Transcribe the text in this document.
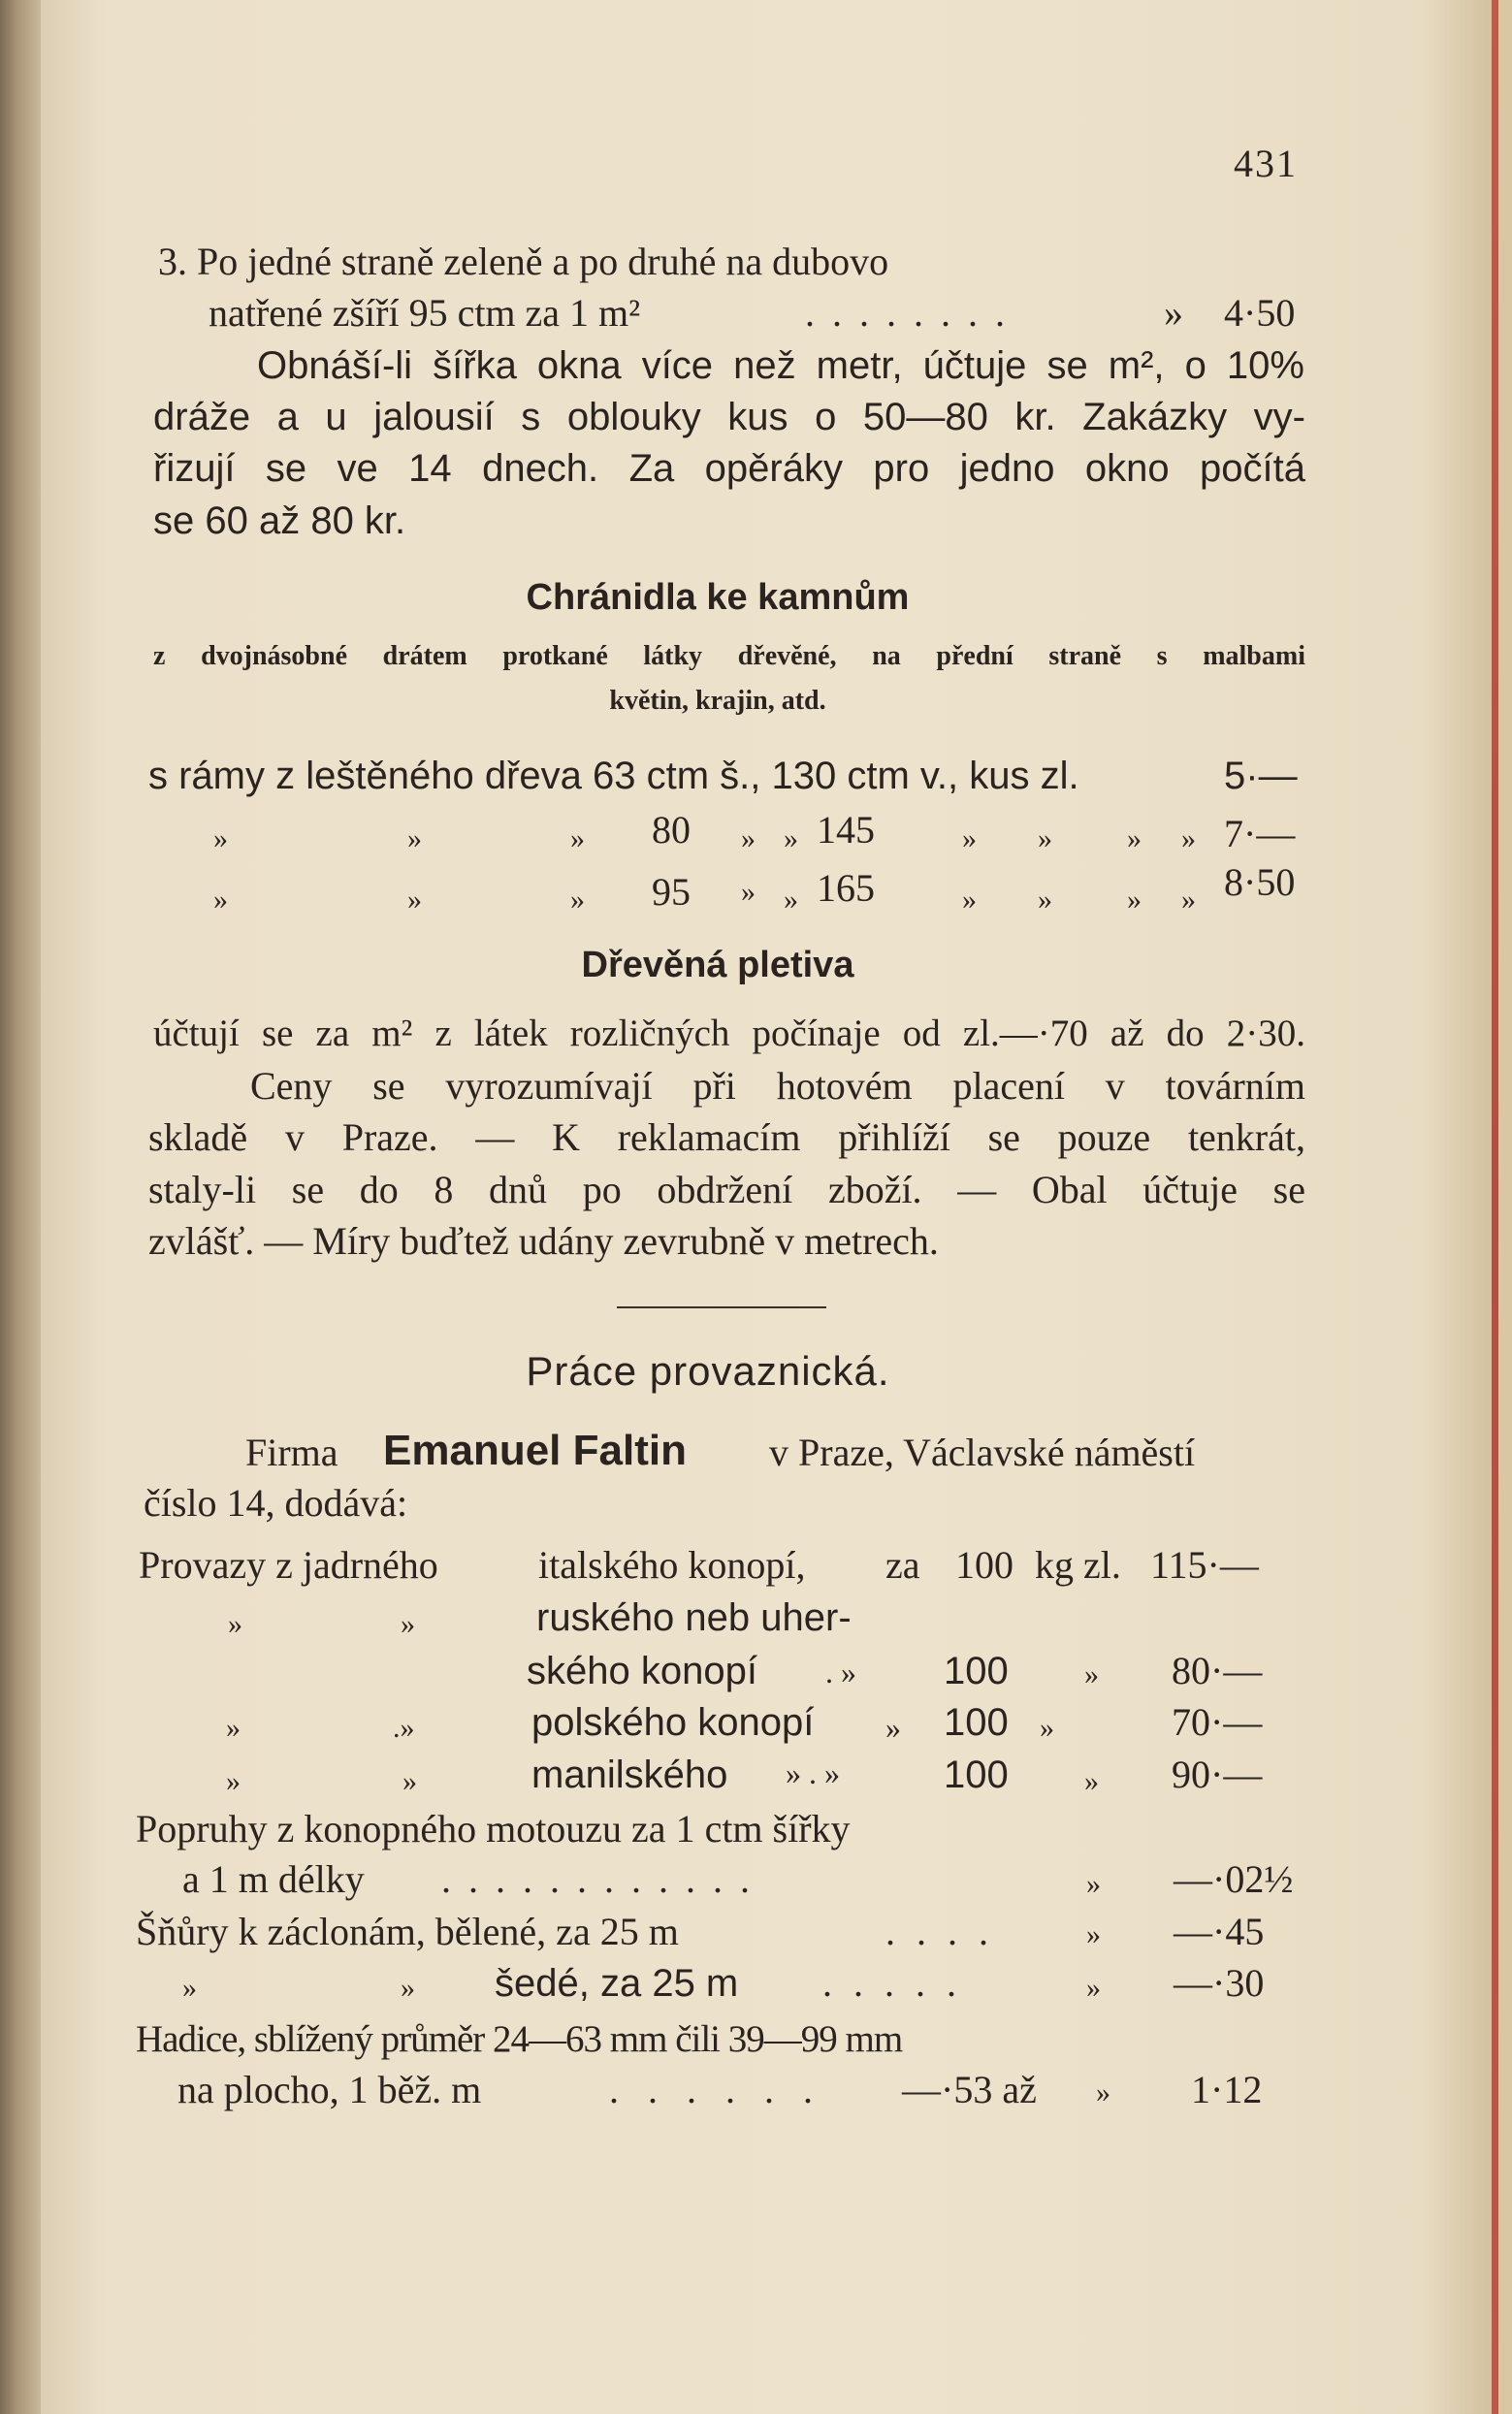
431
3. Po jedné straně zeleně a po druhé na dubovo
natřené zšíří 95 ctm za 1 m²	. . . . . . . .	» 4·50
Obnáší-li šířka okna více než metr, účtuje se m², o 10%
dráže a u jalousií s oblouky kus o 50—80 kr. Zakázky vy-
řizují se ve 14 dnech. Za opěráky pro jedno okno počítá
se 60 až 80 kr.
Chránidla ke kamnům
z dvojnásobné drátem protkané látky dřevěné, na přední straně s malbami
květin, krajin, atd.
s rámy z leštěného dřeva 63 ctm š., 130 ctm v., kus zl.	5·—
»	»	» 80 » » 145	» »	» » 7·—
»	»	» 95 » » 165	» »	» » 8·50
Dřevěná pletiva
účtují se za m² z látek rozličných počínaje od zl.—·70 až do 2·30.
Ceny se vyrozumívají při hotovém placení v továrním
skladě v Praze. — K reklamacím přihlíží se pouze tenkrát,
staly-li se do 8 dnů po obdržení zboží. — Obal účtuje se
zvlášť. — Míry buďtež udány zevrubně v metrech.
Práce provaznická.
Firma Emanuel Faltin v Praze, Václavské náměstí
číslo 14, dodává:
Provazy z jadrného	italského konopí, za 100 kg zl. 115·—
»	»	ruského neb uher-
ského konopí . » 100	» 80·—
»	.»	polského konopí » 100 »	70·—
»	»	manilského » . »	100	» 90·—
Popruhy z konopného motouzu za 1 ctm šířky
a 1 m délky . . . . . . . . . . . .	» —·02½
Šňůry k záclonám, bělené, za 25 m	. . . .	» —·45
»	» šedé, za 25 m . . . . .	» —·30
Hadice, sblížený průměr 24—63 mm čili 39—99 mm
na plocho, 1 běž. m	. . . . . . —·53 až » 1·12
